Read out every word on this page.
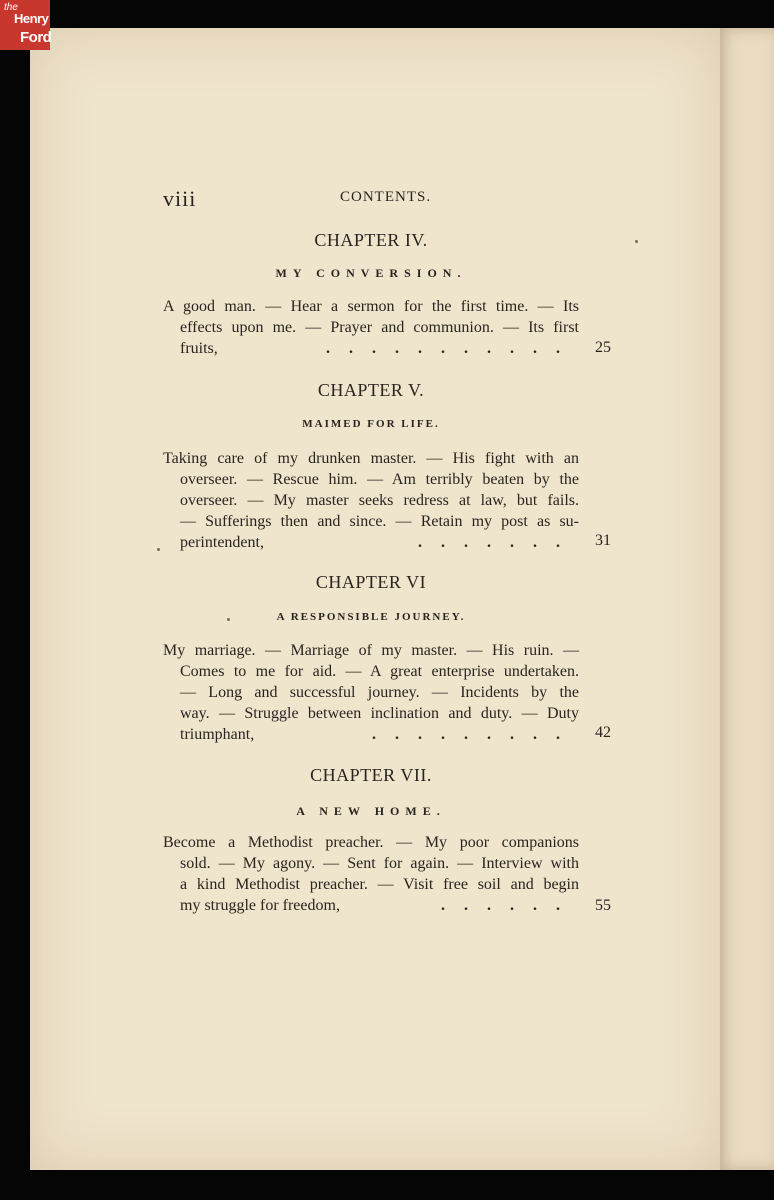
the
Henry
Ford
viii	CONTENTS.
CHAPTER IV.
MY CONVERSION.
A good man. — Hear a sermon for the first time. — Its
effects upon me. — Prayer and communion. — Its first
fruits,	........... 25
CHAPTER V.
MAIMED FOR LIFE.
Taking care of my drunken master. — His fight with an
overseer. — Rescue him. — Am terribly beaten by the
overseer. — My master seeks redress at law, but fails.
— Sufferings then and since. — Retain my post as su-
perintendent,	....... 31
CHAPTER VI
A RESPONSIBLE JOURNEY.
My marriage. — Marriage of my master. — His ruin. —
Comes to me for aid. — A great enterprise undertaken.
— Long and successful journey. — Incidents by the
way. — Struggle between inclination and duty. — Duty
triumphant,	......... 42
CHAPTER VII.
A NEW HOME.
Become a Methodist preacher. — My poor companions
sold. — My agony. — Sent for again. — Interview with
a kind Methodist preacher. — Visit free soil and begin
my struggle for freedom,	...... 55
